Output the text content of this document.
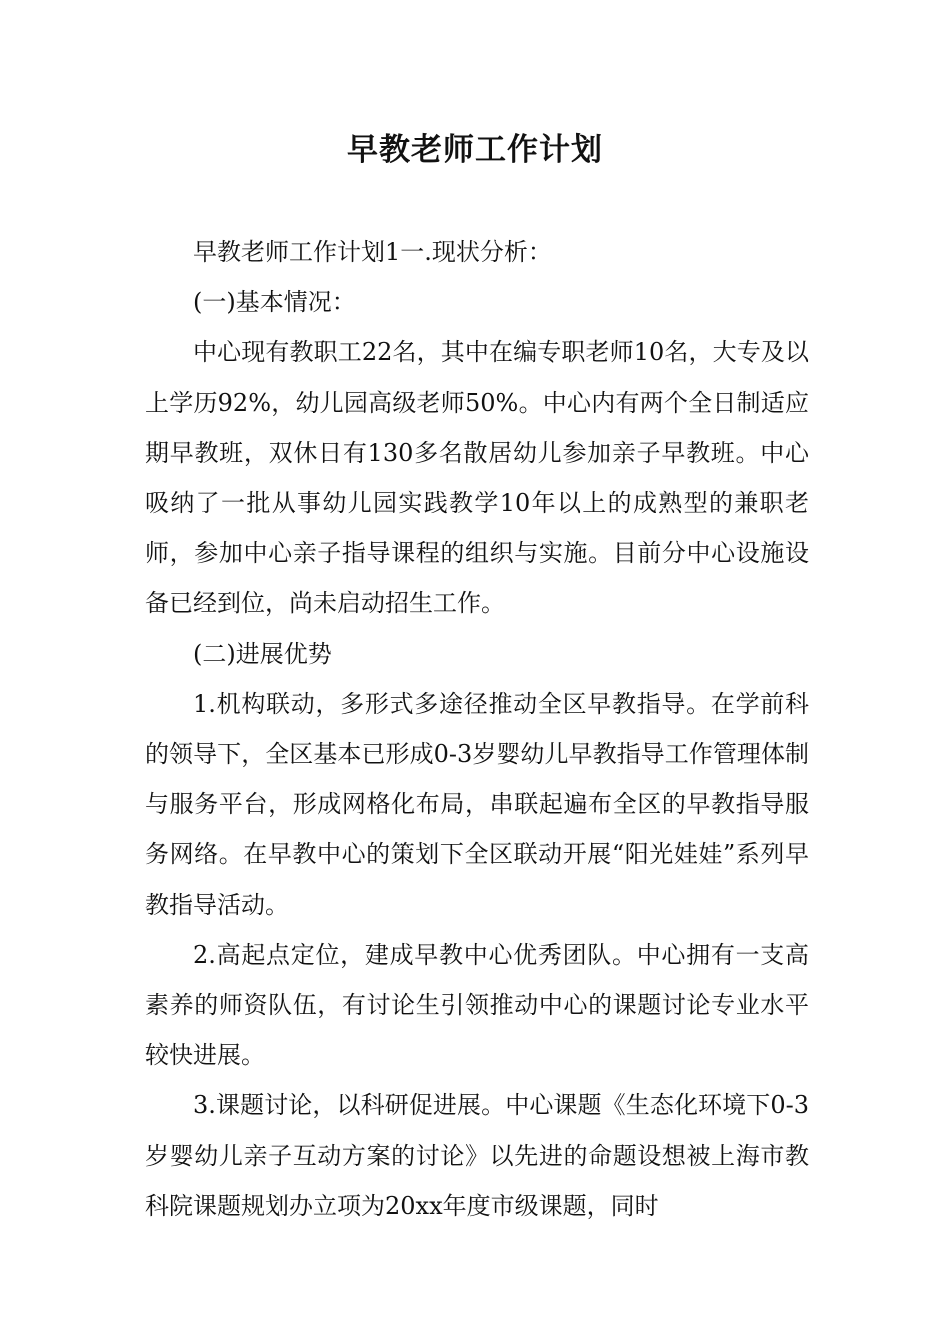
早教老师工作计划

早教老师工作计划1一.现状分析：

(一)基本情况：

中心现有教职工22名，其中在编专职老师10名，大专及以上学历92%，幼儿园高级老师50%。中心内有两个全日制适应期早教班，双休日有130多名散居幼儿参加亲子早教班。中心吸纳了一批从事幼儿园实践教学10年以上的成熟型的兼职老师，参加中心亲子指导课程的组织与实施。目前分中心设施设备已经到位，尚未启动招生工作。

(二)进展优势

1.机构联动，多形式多途径推动全区早教指导。在学前科的领导下，全区基本已形成0-3岁婴幼儿早教指导工作管理体制与服务平台，形成网格化布局，串联起遍布全区的早教指导服务网络。在早教中心的策划下全区联动开展“阳光娃娃”系列早教指导活动。

2.高起点定位，建成早教中心优秀团队。中心拥有一支高素养的师资队伍，有讨论生引领推动中心的课题讨论专业水平较快进展。

3.课题讨论，以科研促进展。中心课题《生态化环境下0-3岁婴幼儿亲子互动方案的讨论》以先进的命题设想被上海市教科院课题规划办立项为20xx年度市级课题，同时
